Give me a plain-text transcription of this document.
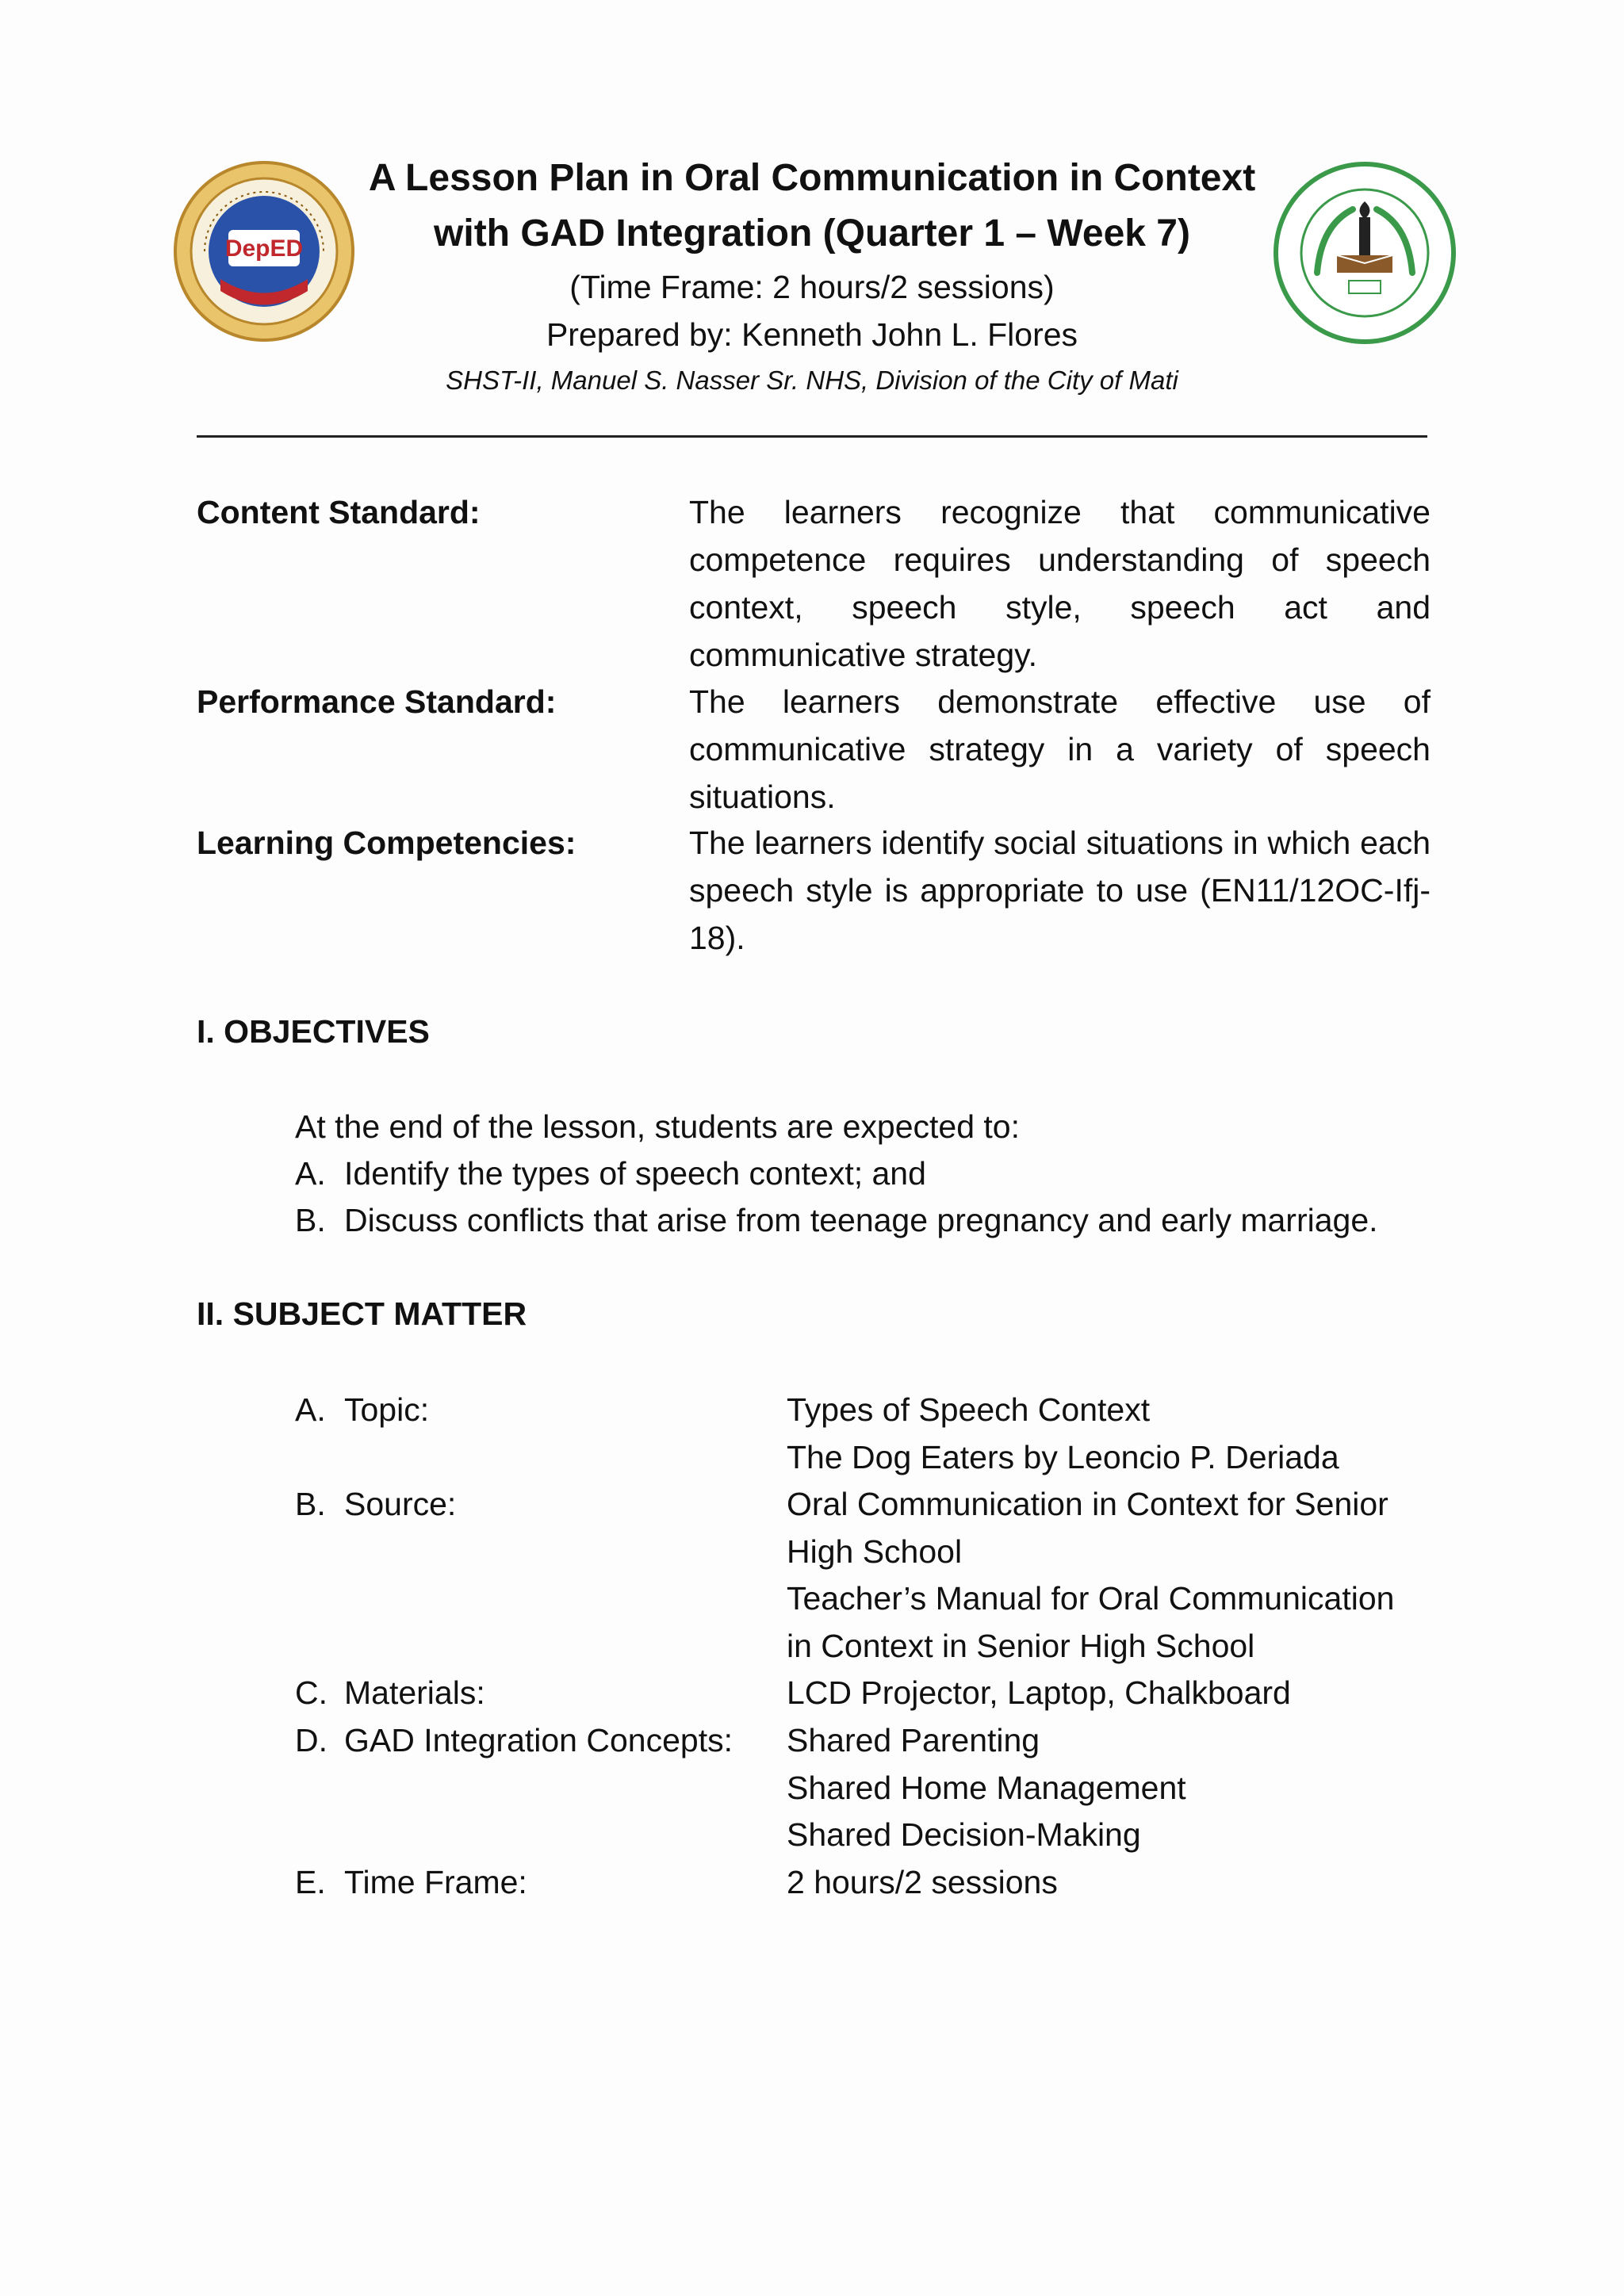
DepED
A Lesson Plan in Oral Communication in Context
with GAD Integration (Quarter 1 – Week 7)
(Time Frame: 2 hours/2 sessions)
Prepared by: Kenneth John L. Flores
SHST-II, Manuel S. Nasser Sr. NHS, Division of the City of Mati
Content Standard:	The learners recognize that communicative competence requires understanding of speech context, speech style, speech act and communicative strategy.
Performance Standard:	The learners demonstrate effective use of communicative strategy in a variety of speech situations.
Learning Competencies:	The learners identify social situations in which each speech style is appropriate to use (EN11/12OC-Ifj-18).
I. OBJECTIVES
At the end of the lesson, students are expected to:
A. Identify the types of speech context; and
B. Discuss conflicts that arise from teenage pregnancy and early marriage.
II. SUBJECT MATTER
A. Topic:	Types of Speech Context
The Dog Eaters by Leoncio P. Deriada
B. Source:	Oral Communication in Context for Senior
High School
Teacher’s Manual for Oral Communication
in Context in Senior High School
C. Materials:	LCD Projector, Laptop, Chalkboard
D. GAD Integration Concepts: Shared Parenting
Shared Home Management
Shared Decision-Making
E. Time Frame:	2 hours/2 sessions
